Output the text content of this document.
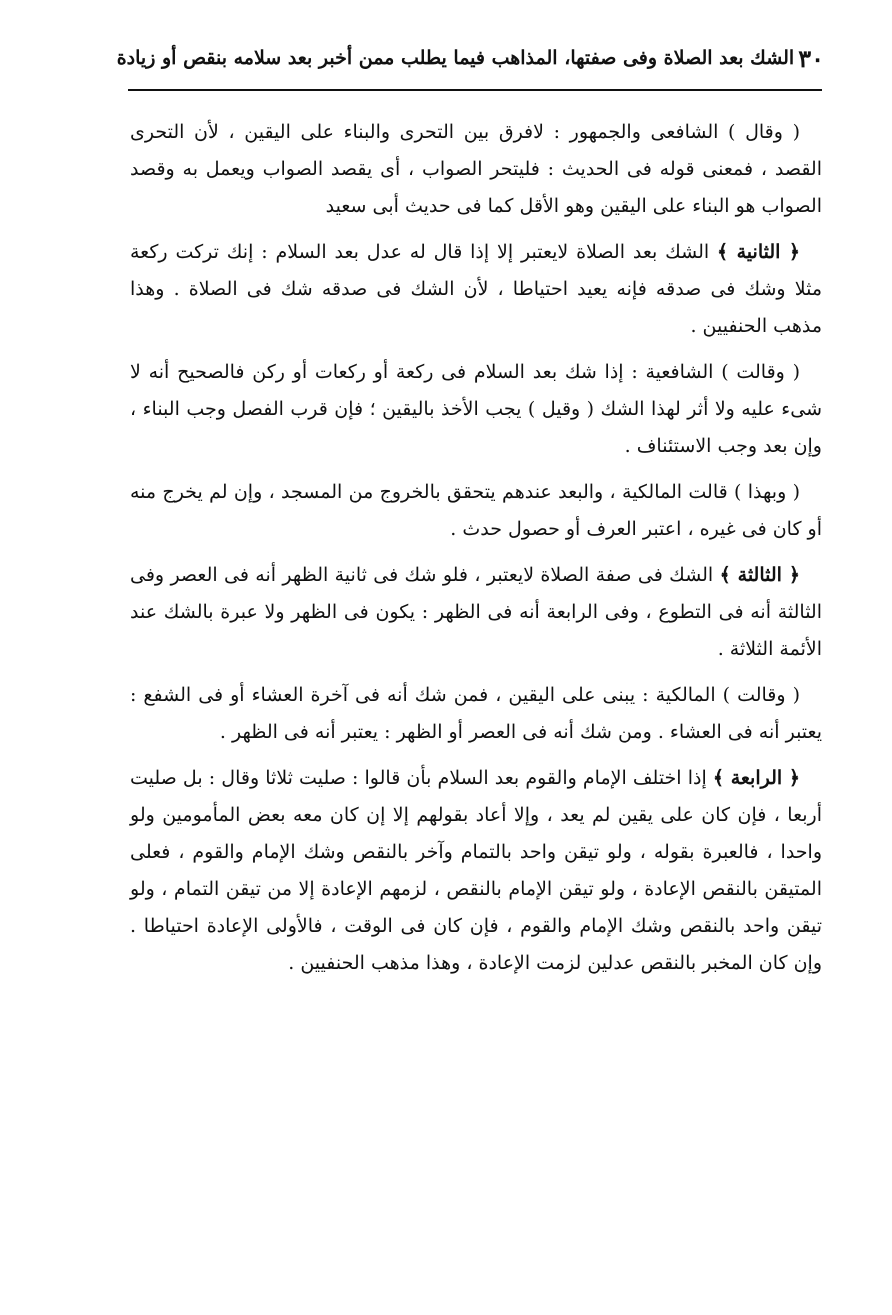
٣٠
الشك بعد الصلاة وفى صفتها، المذاهب فيما يطلب ممن أخبر بعد سلامه بنقص أو زيادة

( وقال ) الشافعى والجمهور : لافرق بين التحرى والبناء على اليقين ، لأن التحرى القصد ، فمعنى قوله فى الحديث : فليتحر الصواب ، أى يقصد الصواب ويعمل به وقصد الصواب هو البناء على اليقين وهو الأقل كما فى حديث أبى سعيد

﴿ الثانية ﴾ الشك بعد الصلاة لايعتبر إلا إذا قال له عدل بعد السلام : إنك تركت ركعة مثلا وشك فى صدقه فإنه يعيد احتياطا ، لأن الشك فى صدقه شك فى الصلاة . وهذا مذهب الحنفيين .

( وقالت ) الشافعية : إذا شك بعد السلام فى ركعة أو ركعات أو ركن فالصحيح أنه لا شىء عليه ولا أثر لهذا الشك ( وقيل ) يجب الأخذ باليقين ؛ فإن قرب الفصل وجب البناء ، وإن بعد وجب الاستئناف .

( وبهذا ) قالت المالكية ، والبعد عندهم يتحقق بالخروج من المسجد ، وإن لم يخرج منه أو كان فى غيره ، اعتبر العرف أو حصول حدث .

﴿ الثالثة ﴾ الشك فى صفة الصلاة لايعتبر ، فلو شك فى ثانية الظهر أنه فى العصر وفى الثالثة أنه فى التطوع ، وفى الرابعة أنه فى الظهر : يكون فى الظهر ولا عبرة بالشك عند الأئمة الثلاثة .

( وقالت ) المالكية : يبنى على اليقين ، فمن شك أنه فى آخرة العشاء أو فى الشفع : يعتبر أنه فى العشاء . ومن شك أنه فى العصر أو الظهر : يعتبر أنه فى الظهر .

﴿ الرابعة ﴾ إذا اختلف الإمام والقوم بعد السلام بأن قالوا : صليت ثلاثا وقال : بل صليت أربعا ، فإن كان على يقين لم يعد ، وإلا أعاد بقولهم إلا إن كان معه بعض المأمومين ولو واحدا ، فالعبرة بقوله ، ولو تيقن واحد بالتمام وآخر بالنقص وشك الإمام والقوم ، فعلى المتيقن بالنقص الإعادة ، ولو تيقن الإمام بالنقص ، لزمهم الإعادة إلا من تيقن التمام ، ولو تيقن واحد بالنقص وشك الإمام والقوم ، فإن كان فى الوقت ، فالأولى الإعادة احتياطا . وإن كان المخبر بالنقص عدلين لزمت الإعادة ، وهذا مذهب الحنفيين .
